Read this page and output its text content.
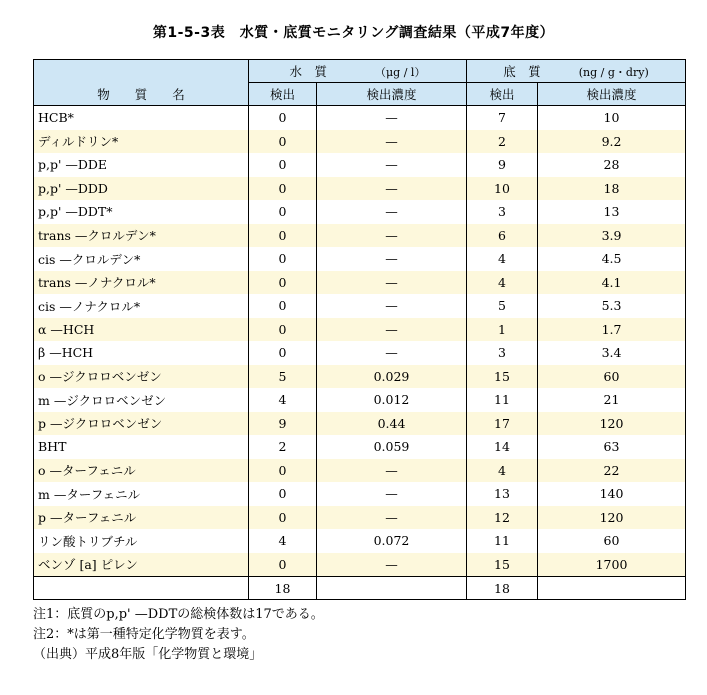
第1-5-3表　水質・底質モニタリング調査結果（平成7年度）
	水　質 （μg / l）		底　質 (ng / g・dry)	
物　　質　　名	検出	検出濃度	検出	検出濃度
HCB*	0	—	7	10
ディルドリン*	0	—	2	9.2
p,p' —DDE	0	—	9	28
p,p' —DDD	0	—	10	18
p,p' —DDT*	0	—	3	13
trans —クロルデン*	0	—	6	3.9
cis —クロルデン*	0	—	4	4.5
trans —ノナクロル*	0	—	4	4.1
cis —ノナクロル*	0	—	5	5.3
α —HCH	0	—	1	1.7
β —HCH	0	—	3	3.4
o —ジクロロベンゼン	5	0.029	15	60
m —ジクロロベンゼン	4	0.012	11	21
p —ジクロロベンゼン	9	0.44	17	120
BHT	2	0.059	14	63
o —ターフェニル	0	—	4	22
m —ターフェニル	0	—	13	140
p —ターフェニル	0	—	12	120
リン酸トリブチル	4	0.072	11	60
ベンゾ [a] ピレン	0	—	15	1700
	18		18	
注1：底質のp,p' —DDTの総検体数は17である。
注2：*は第一種特定化学物質を表す。
（出典）平成8年版「化学物質と環境」
